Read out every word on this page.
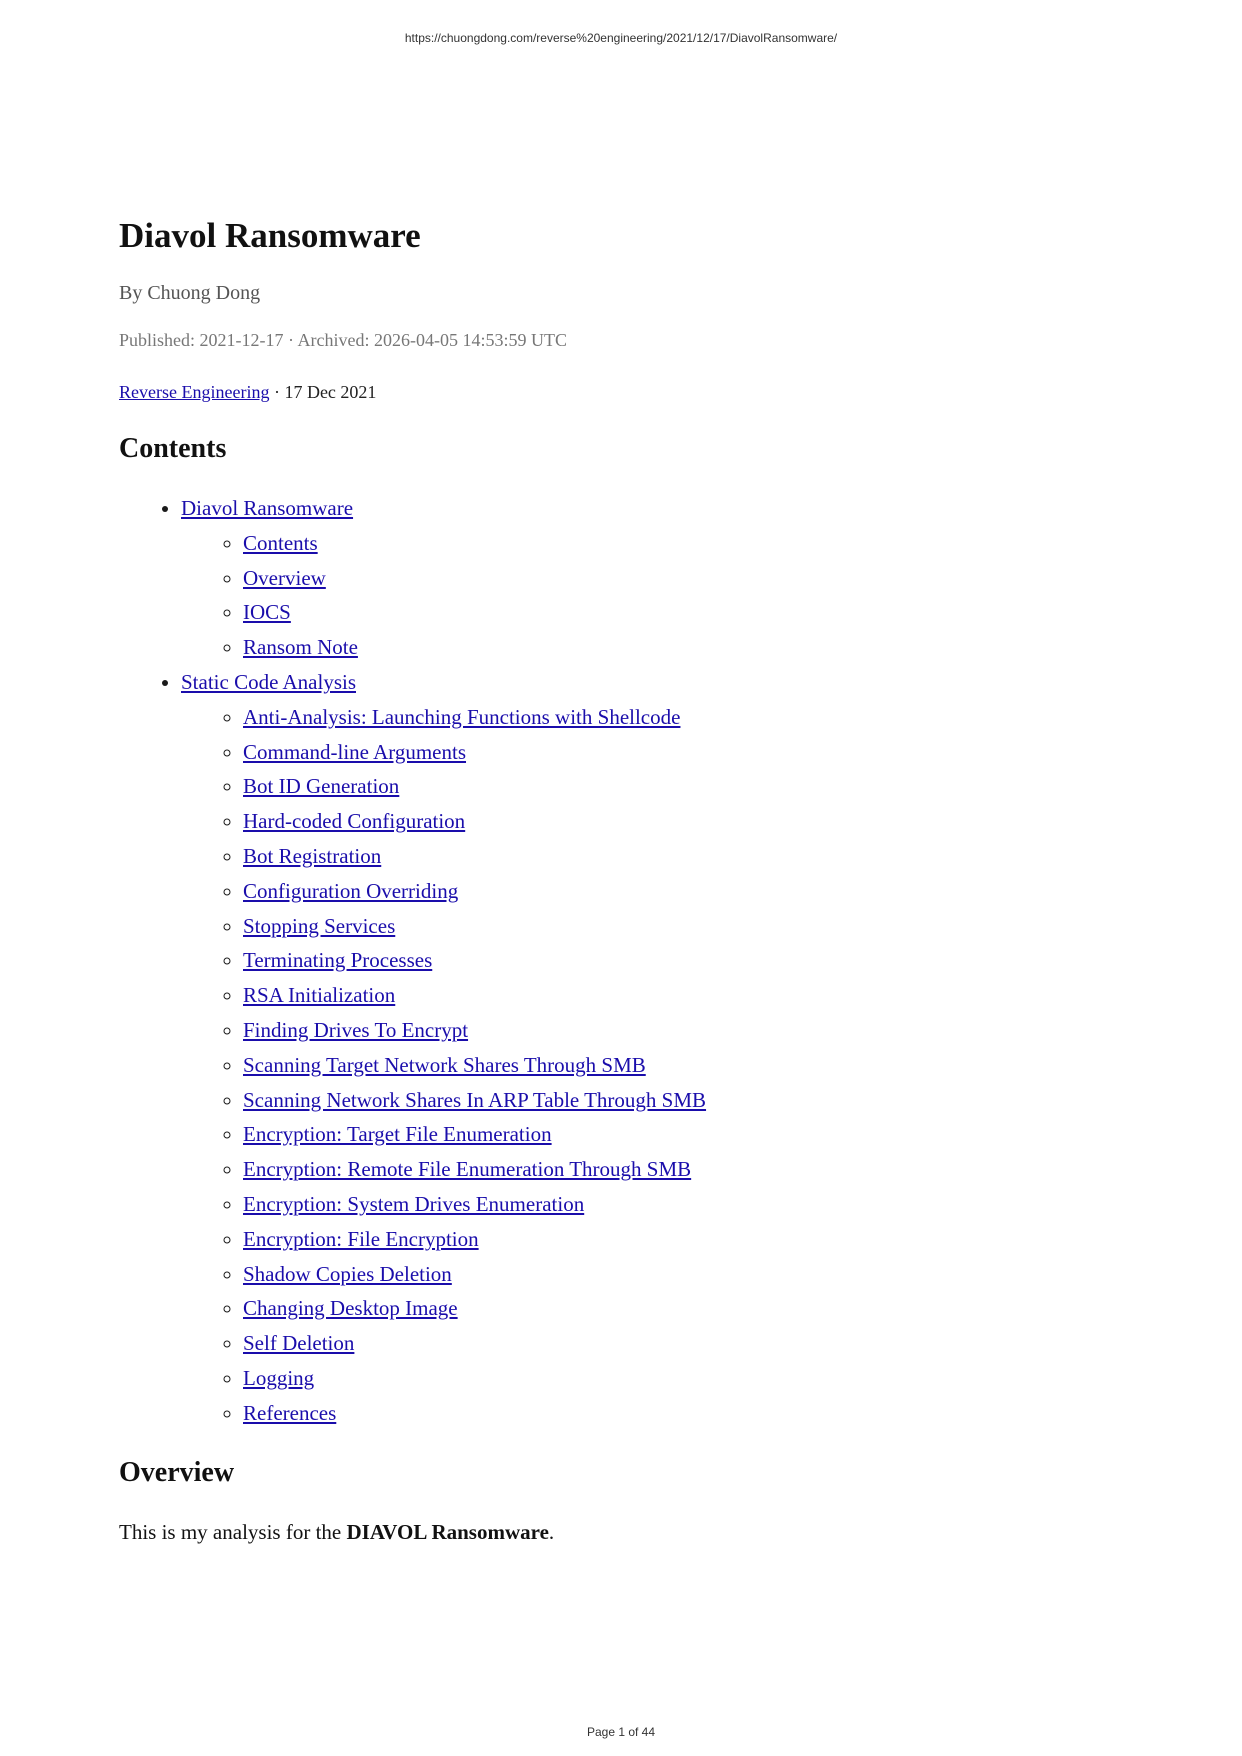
https://chuongdong.com/reverse%20engineering/2021/12/17/DiavolRansomware/
Diavol Ransomware

By Chuong Dong

Published: 2021-12-17 · Archived: 2026-04-05 14:53:59 UTC

Reverse Engineering · 17 Dec 2021

Contents
• Diavol Ransomware
◦ Contents
◦ Overview
◦ IOCS
◦ Ransom Note
• Static Code Analysis
◦ Anti-Analysis: Launching Functions with Shellcode
◦ Command-line Arguments
◦ Bot ID Generation
◦ Hard-coded Configuration
◦ Bot Registration
◦ Configuration Overriding
◦ Stopping Services
◦ Terminating Processes
◦ RSA Initialization
◦ Finding Drives To Encrypt
◦ Scanning Target Network Shares Through SMB
◦ Scanning Network Shares In ARP Table Through SMB
◦ Encryption: Target File Enumeration
◦ Encryption: Remote File Enumeration Through SMB
◦ Encryption: System Drives Enumeration
◦ Encryption: File Encryption
◦ Shadow Copies Deletion
◦ Changing Desktop Image
◦ Self Deletion
◦ Logging
◦ References
Overview

This is my analysis for the DIAVOL Ransomware.

Page 1 of 44
